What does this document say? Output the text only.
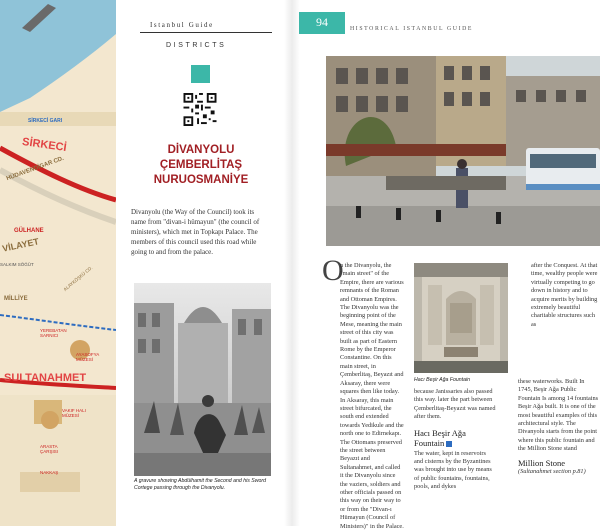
SİRKECİ
SİRKECİ GARI
HÜDAVENDİGAR CD.
GÜLHANE
VİLAYET
ALAYKÖŞKÜ CD.
SALKIM SÖĞÜT
MİLLİYE
YEREBATAN SARNICI
SULTANAHMET
AYASOFYA MÜZESİ
ARASTA ÇARŞISI
VAKIF HALI MÜZESİ
NAKKAŞ
Istanbul Guide
DISTRICTS
DİVANYOLU
ÇEMBERLİTAŞ
NURUOSMANİYE
Divanyolu (the Way of the Council) took its name from "divan-i hümayun" (the council of ministers), which met in Topkapı Palace. The members of this council used this road while going to and from the palace.
A gravure showing Abdülhamit the Second and his Sword Cortege passing through the Divanyolu.
94	HISTORICAL ISTANBUL GUIDE
O
n the Divanyolu, the "main street" of the Empire, there are various remnants of the Roman and Ottoman Empires. The Divanyolu was the beginning point of the Mese, meaning the main street of this city was built as part of Eastern Rome by the Emperor Constantine. On this main street, in Çemberlitaş, Beyazıt and Aksaray, there were squares then like today. In Aksaray, this main street bifurcated, the south end extended towards Yedikule and the north one to Edirnekapı. The Ottomans preserved the street between Beyazıt and Sultanahmet, and called it the Divanyolu since the vaziers, soldiers and other officials passed on this way on their way to or from the "Divan-ı Hümayun (Council of Ministers)" in the Palace.
Hacı Beşir Ağa Fountain
because Janissaries also passed this way. later the part between Çemberlitaş-Beyazıt was named after them.
Hacı Beşir Ağa Fountain
The water, kept in reservoirs and cisterns by the Byzantines was brought into use by means of public fountains, fountains, pools, and dykes
after the Conquest. At that time, wealthy people were virtually competing to go down in history and to acquire merits by building extremely beautiful charitable structures such as
these waterworks. Built In 1745, Beşir Ağa Public Fountain Is among 14 fountains Beşir Ağa built. It is one of the most beautiful examples of this architectural style. The Divanyolu starts from the point where this public fountain and the Million Stone stand
Million Stone
(Sultanahmet section p.81)
